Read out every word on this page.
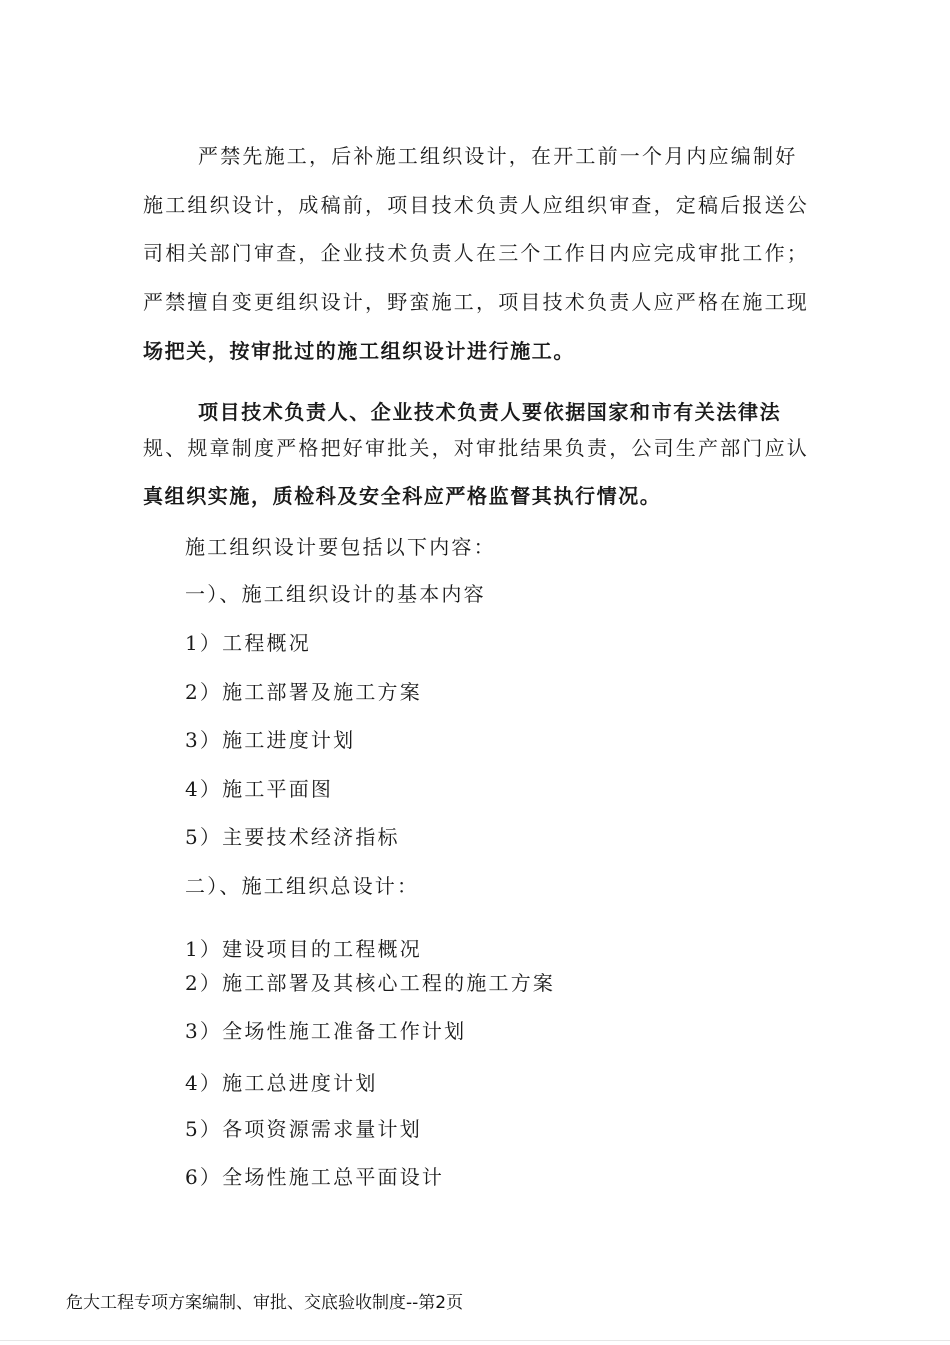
严禁先施工，后补施工组织设计，在开工前一个月内应编制好
施工组织设计，成稿前，项目技术负责人应组织审查，定稿后报送公
司相关部门审查，企业技术负责人在三个工作日内应完成审批工作；
严禁擅自变更组织设计，野蛮施工，项目技术负责人应严格在施工现
场把关，按审批过的施工组织设计进行施工。
项目技术负责人、企业技术负责人要依据国家和市有关法律法
规、规章制度严格把好审批关，对审批结果负责，公司生产部门应认
真组织实施，质检科及安全科应严格监督其执行情况。
施工组织设计要包括以下内容：
一）、施工组织设计的基本内容
1）工程概况
2）施工部署及施工方案
3）施工进度计划
4）施工平面图
5）主要技术经济指标
二）、施工组织总设计：
1）建设项目的工程概况
2）施工部署及其核心工程的施工方案
3）全场性施工准备工作计划
4）施工总进度计划
5）各项资源需求量计划
6）全场性施工总平面设计
危大工程专项方案编制、审批、交底验收制度--第2页
